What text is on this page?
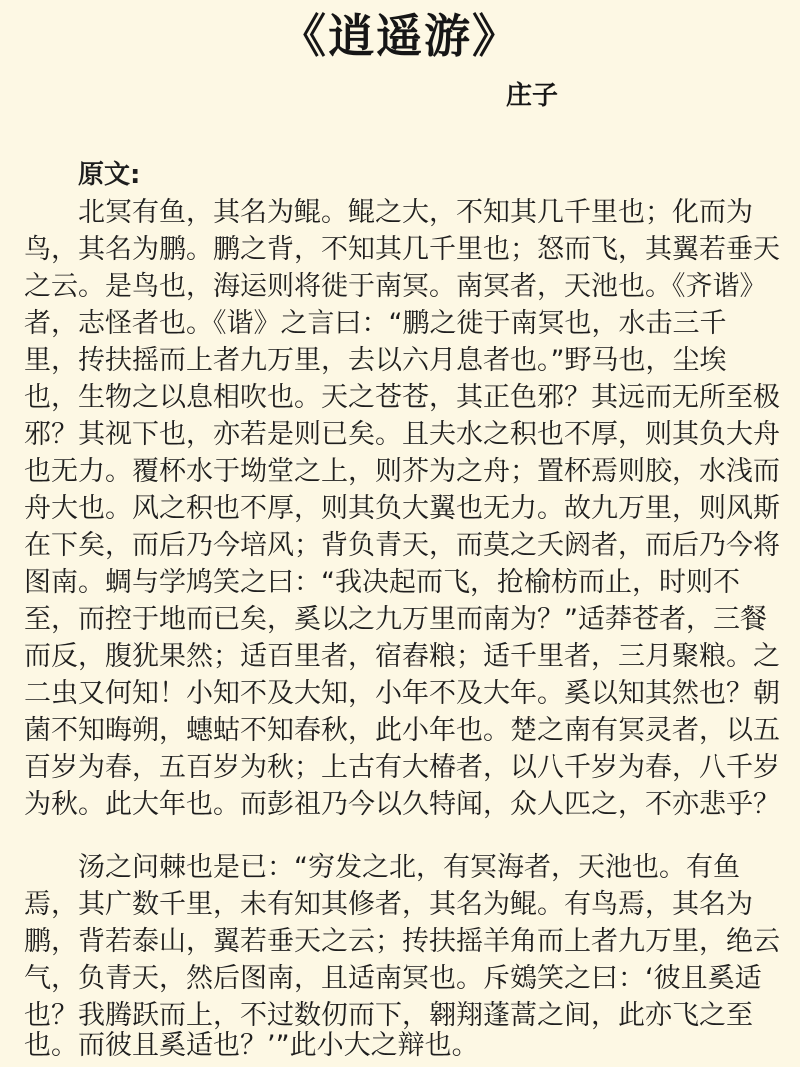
《逍遥游》
庄子
原文:
北冥有鱼，其名为鲲。鲲之大，不知其几千里也；化而为
鸟，其名为鹏。鹏之背，不知其几千里也；怒而飞，其翼若垂天
之云。是鸟也，海运则将徙于南冥。南冥者，天池也。《齐谐》
者，志怪者也。《谐》之言曰：“鹏之徙于南冥也，水击三千
里，抟扶摇而上者九万里，去以六月息者也。”野马也，尘埃
也，生物之以息相吹也。天之苍苍，其正色邪？其远而无所至极
邪？其视下也，亦若是则已矣。且夫水之积也不厚，则其负大舟
也无力。覆杯水于坳堂之上，则芥为之舟；置杯焉则胶，水浅而
舟大也。风之积也不厚，则其负大翼也无力。故九万里，则风斯
在下矣，而后乃今培风；背负青天，而莫之夭阏者，而后乃今将
图南。蜩与学鸠笑之曰：“我决起而飞，抢榆枋而止，时则不
至，而控于地而已矣，奚以之九万里而南为？”适莽苍者，三餐
而反，腹犹果然；适百里者，宿舂粮；适千里者，三月聚粮。之
二虫又何知！小知不及大知，小年不及大年。奚以知其然也？朝
菌不知晦朔，蟪蛄不知春秋，此小年也。楚之南有冥灵者，以五
百岁为春，五百岁为秋；上古有大椿者，以八千岁为春，八千岁
为秋。此大年也。而彭祖乃今以久特闻，众人匹之，不亦悲乎？
汤之问棘也是已：“穷发之北，有冥海者，天池也。有鱼
焉，其广数千里，未有知其修者，其名为鲲。有鸟焉，其名为
鹏，背若泰山，翼若垂天之云；抟扶摇羊角而上者九万里，绝云
气，负青天，然后图南，且适南冥也。斥鴳笑之曰：‘彼且奚适
也？我腾跃而上，不过数仞而下，翱翔蓬蒿之间，此亦飞之至
也。而彼且奚适也？’”此小大之辩也。
